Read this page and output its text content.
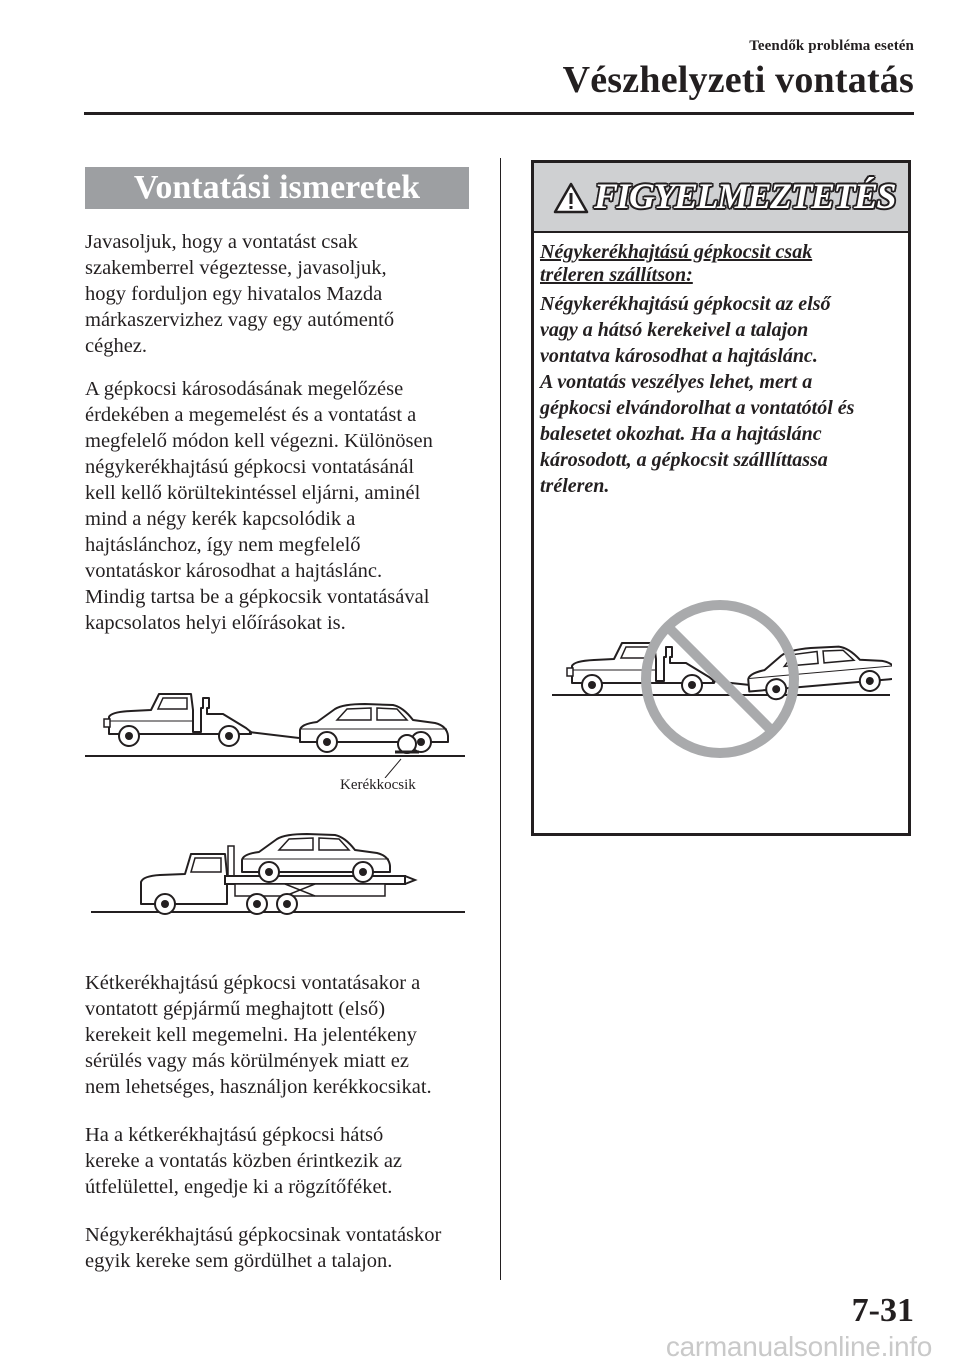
Teendők probléma esetén
Vészhelyzeti vontatás
Vontatási ismeretek

Javasoljuk, hogy a vontatást csak
szakemberrel végeztesse, javasoljuk,
hogy forduljon egy hivatalos Mazda
márkaszervizhez vagy egy autómentő
céghez.

A gépkocsi károsodásának megelőzése
érdekében a megemelést és a vontatást a
megfelelő módon kell végezni. Különösen
négykerékhajtású gépkocsi vontatásánál
kell kellő körültekintéssel eljárni, aminél
mind a négy kerék kapcsolódik a
hajtáslánchoz, így nem megfelelő
vontatáskor károsodhat a hajtáslánc.
Mindig tartsa be a gépkocsik vontatásával
kapcsolatos helyi előírásokat is.

Kerékkocsik

Kétkerékhajtású gépkocsi vontatásakor a
vontatott gépjármű meghajtott (első)
kerekeit kell megemelni. Ha jelentékeny
sérülés vagy más körülmények miatt ez
nem lehetséges, használjon kerékkocsikat.

Ha a kétkerékhajtású gépkocsi hátsó
kereke a vontatás közben érintkezik az
útfelülettel, engedje ki a rögzítőféket.

Négykerékhajtású gépkocsinak vontatáskor
egyik kereke sem gördülhet a talajon.

FIGYELMEZTETÉS

Négykerékhajtású gépkocsit csak
tréleren szállítson:

Négykerékhajtású gépkocsit az első
vagy a hátsó kerekeivel a talajon
vontatva károsodhat a hajtáslánc.
A vontatás veszélyes lehet, mert a
gépkocsi elvándorolhat a vontatótól és
balesetet okozhat. Ha a hajtáslánc
károsodott, a gépkocsit szálllíttassa
tréleren.

7-31
carmanualsonline.info
